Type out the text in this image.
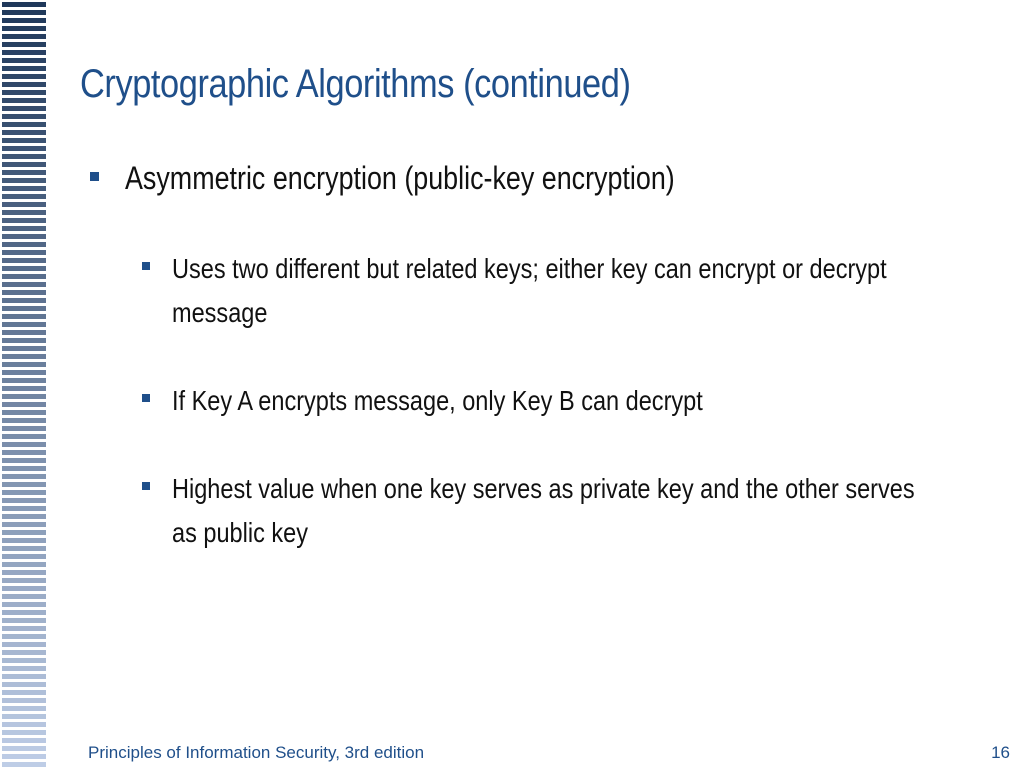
Cryptographic Algorithms (continued)
Asymmetric encryption (public-key encryption)
Uses two different but related keys; either key can encrypt or decrypt message
If Key A encrypts message, only Key B can decrypt
Highest value when one key serves as private key and the other serves as public key
Principles of Information Security, 3rd edition	16
